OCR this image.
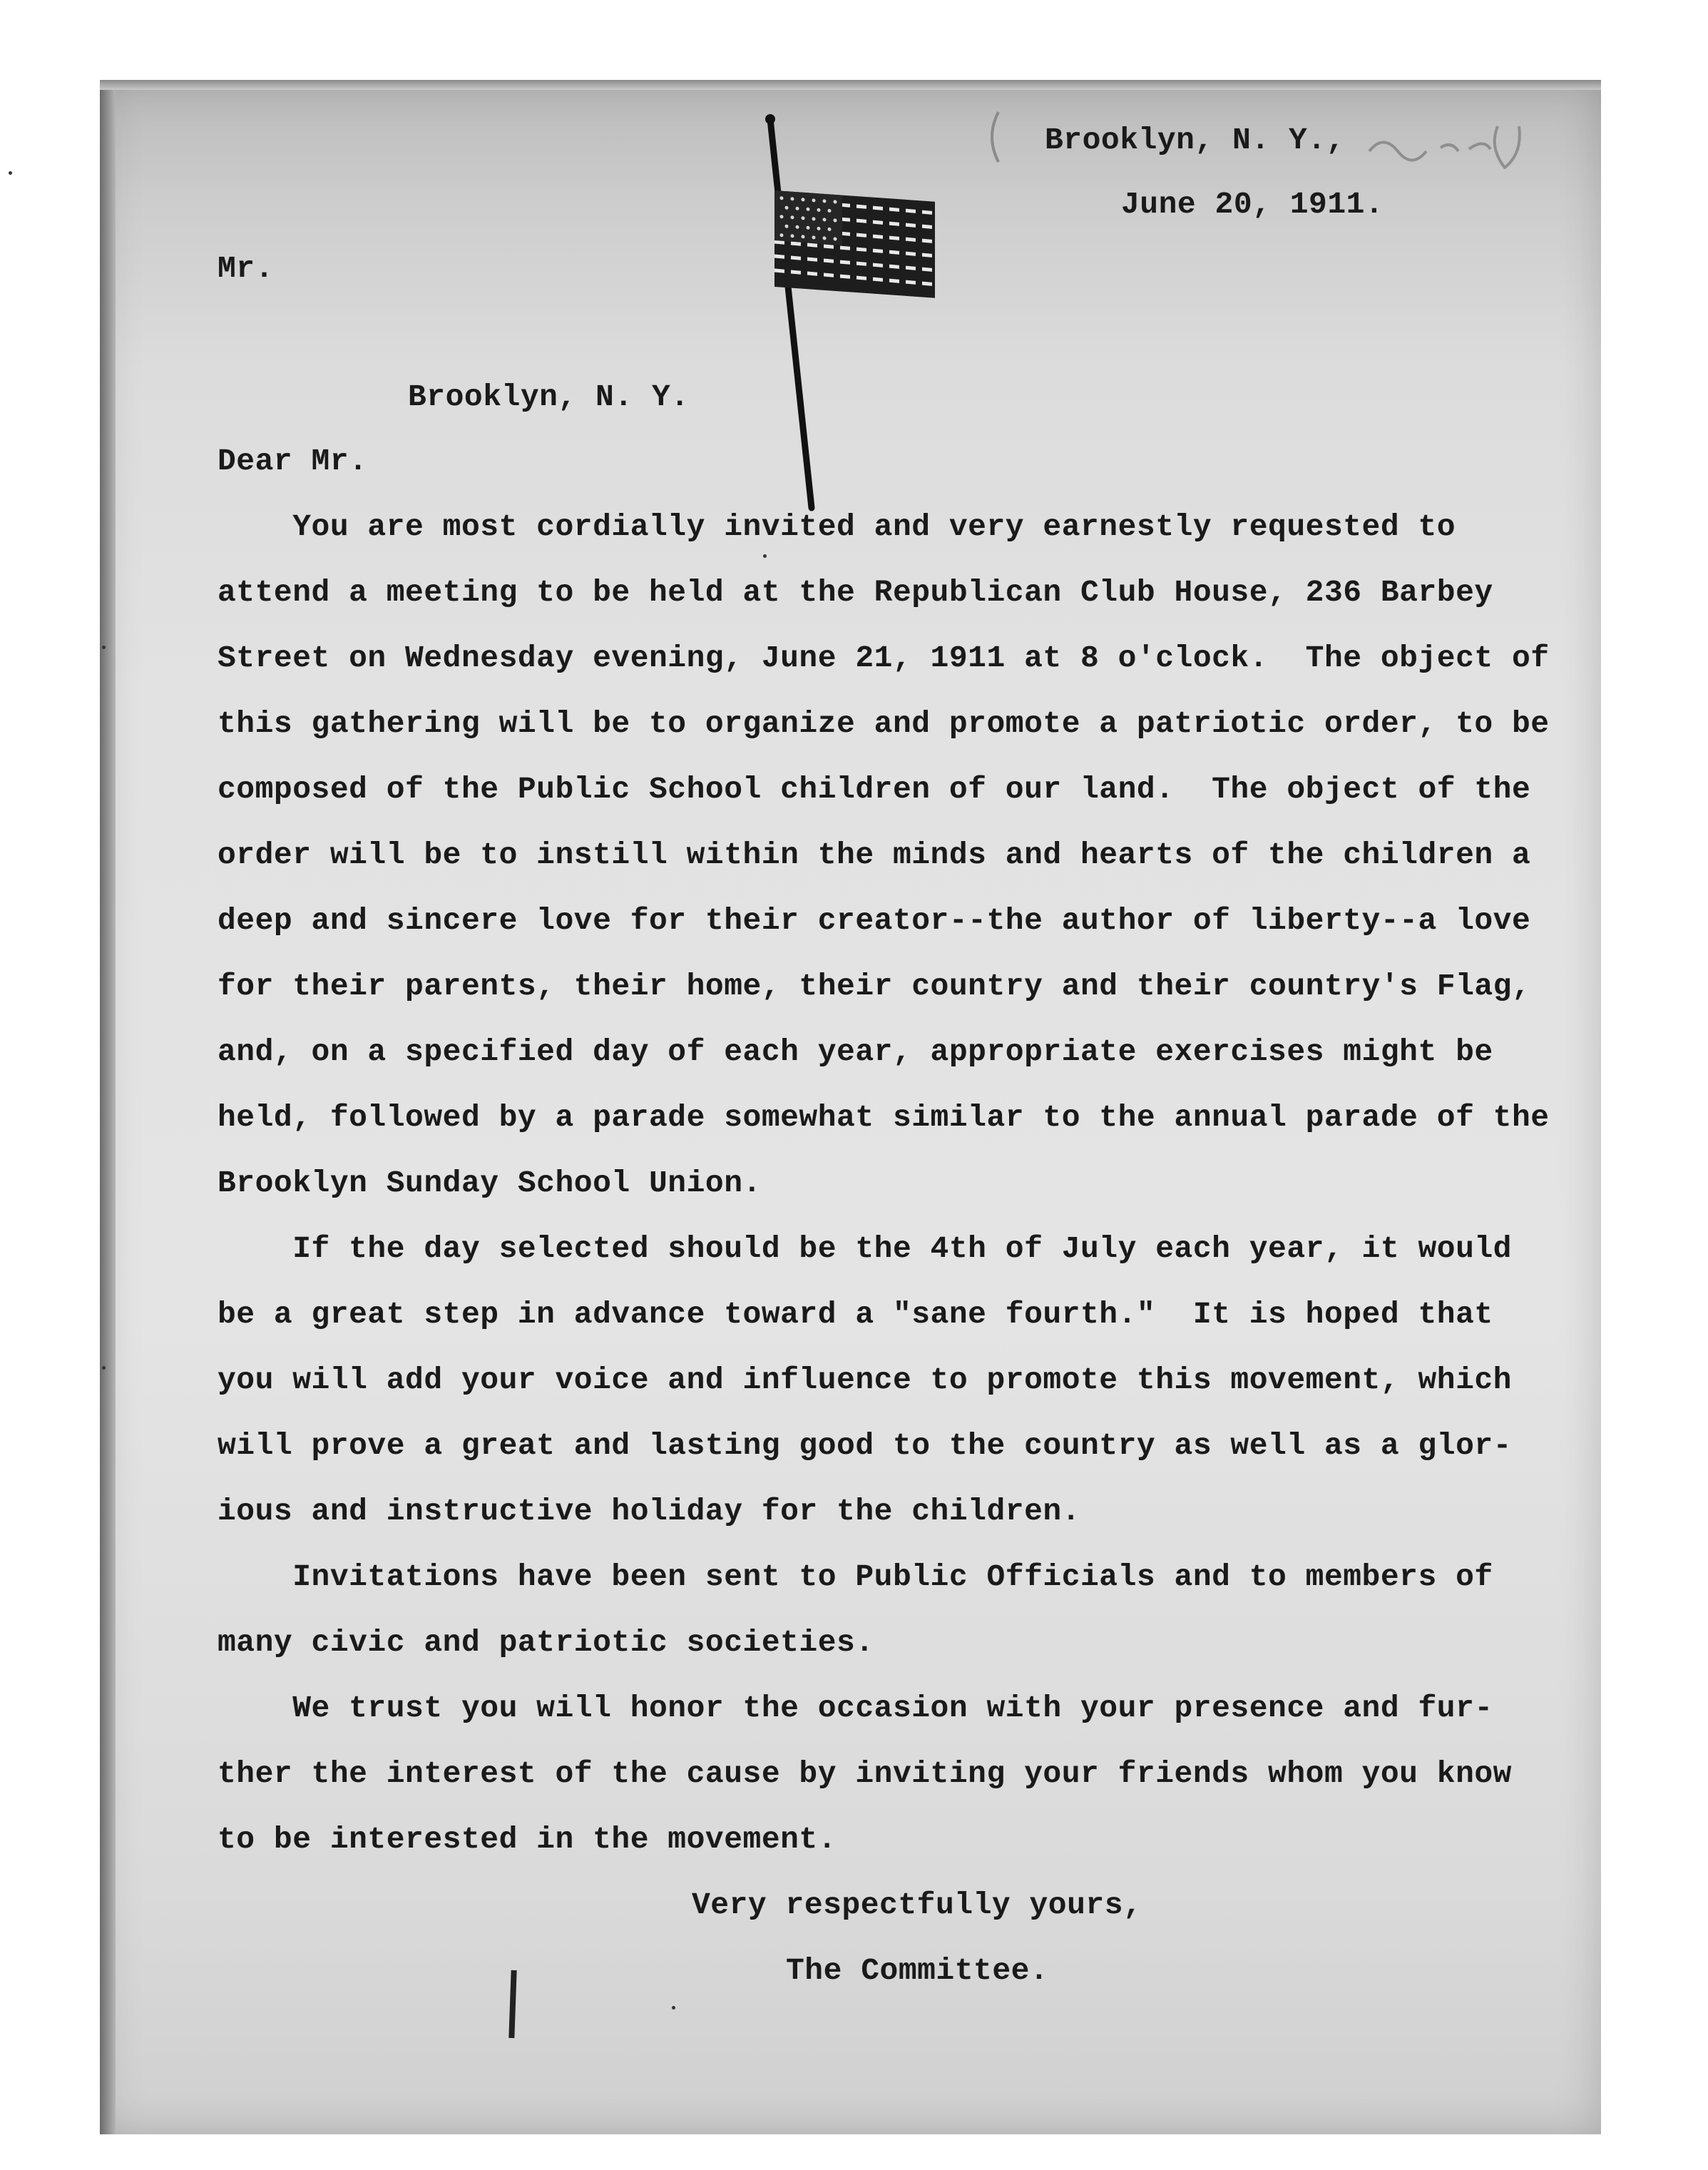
Brooklyn, N. Y.,
June 20, 1911.
Mr.
Brooklyn, N. Y.
Dear Mr.
You are most cordially invited and very earnestly requested to
attend a meeting to be held at the Republican Club House, 236 Barbey
Street on Wednesday evening, June 21, 1911 at 8 o'clock.  The object of
this gathering will be to organize and promote a patriotic order, to be
composed of the Public School children of our land.  The object of the
order will be to instill within the minds and hearts of the children a
deep and sincere love for their creator--the author of liberty--a love
for their parents, their home, their country and their country's Flag,
and, on a specified day of each year, appropriate exercises might be
held, followed by a parade somewhat similar to the annual parade of the
Brooklyn Sunday School Union.
If the day selected should be the 4th of July each year, it would
be a great step in advance toward a "sane fourth."  It is hoped that
you will add your voice and influence to promote this movement, which
will prove a great and lasting good to the country as well as a glor-
ious and instructive holiday for the children.
Invitations have been sent to Public Officials and to members of
many civic and patriotic societies.
We trust you will honor the occasion with your presence and fur-
ther the interest of the cause by inviting your friends whom you know
to be interested in the movement.
Very respectfully yours,
The Committee.
